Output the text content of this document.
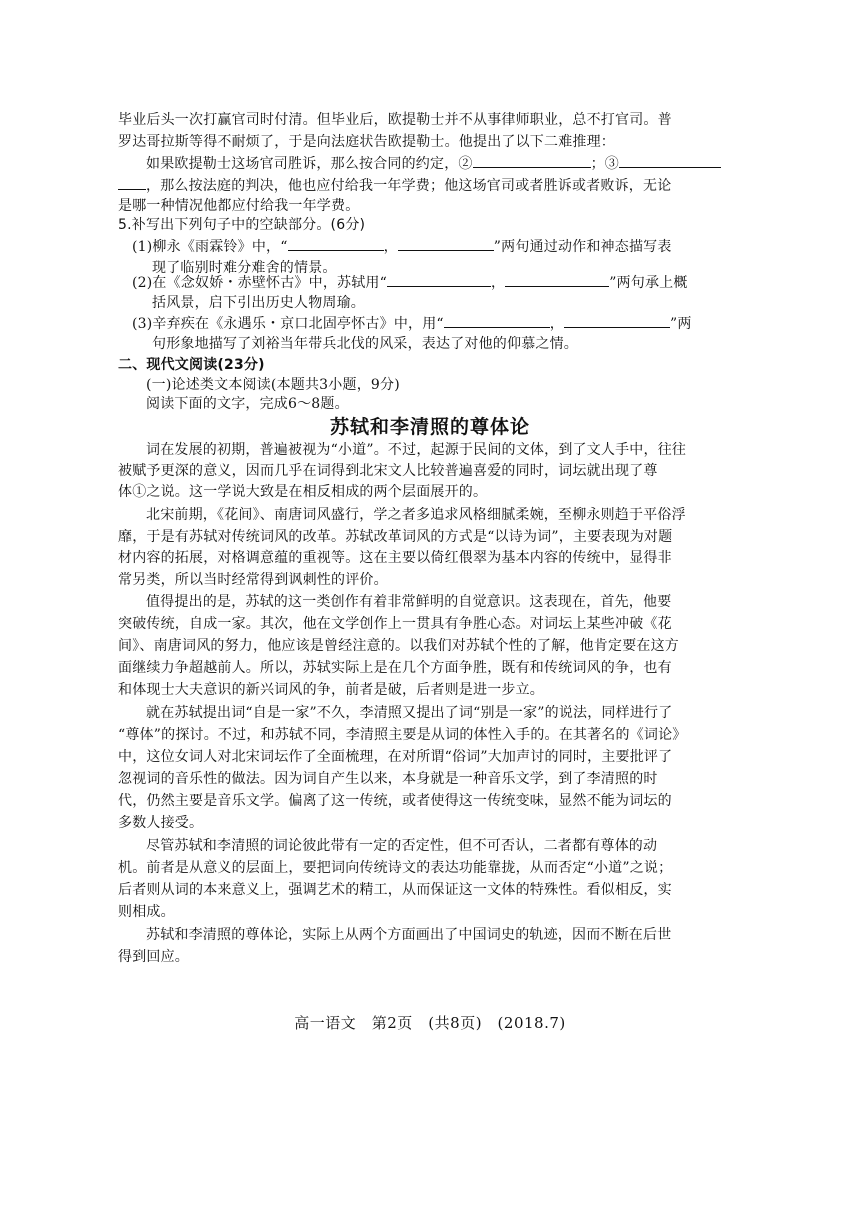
毕业后头一次打赢官司时付清。但毕业后，欧提勒士并不从事律师职业，总不打官司。普
罗达哥拉斯等得不耐烦了，于是向法庭状告欧提勒士。他提出了以下二难推理：
如果欧提勒士这场官司胜诉，那么按合同的约定，②	；③
，那么按法庭的判决，他也应付给我一年学费；他这场官司或者胜诉或者败诉，无论
是哪一种情况他都应付给我一年学费。
5.补写出下列句子中的空缺部分。(6分)
(1)柳永《雨霖铃》中，“	，	”两句通过动作和神态描写表
现了临别时难分难舍的情景。
(2)在《念奴娇・赤壁怀古》中，苏轼用“	，	”两句承上概
括风景，启下引出历史人物周瑜。
(3)辛弃疾在《永遇乐・京口北固亭怀古》中，用“	，	”两
句形象地描写了刘裕当年带兵北伐的风采，表达了对他的仰慕之情。
二、现代文阅读(23分)
(一)论述类文本阅读(本题共3小题，9分)
阅读下面的文字，完成6～8题。
苏轼和李清照的尊体论
词在发展的初期，普遍被视为“小道”。不过，起源于民间的文体，到了文人手中，往往
被赋予更深的意义，因而几乎在词得到北宋文人比较普遍喜爱的同时，词坛就出现了尊
体①之说。这一学说大致是在相反相成的两个层面展开的。
北宋前期，《花间》、南唐词风盛行，学之者多追求风格细腻柔婉，至柳永则趋于平俗浮
靡，于是有苏轼对传统词风的改革。苏轼改革词风的方式是“以诗为词”，主要表现为对题
材内容的拓展，对格调意蕴的重视等。这在主要以倚红偎翠为基本内容的传统中，显得非
常另类，所以当时经常得到讽刺性的评价。
值得提出的是，苏轼的这一类创作有着非常鲜明的自觉意识。这表现在，首先，他要
突破传统，自成一家。其次，他在文学创作上一贯具有争胜心态。对词坛上某些冲破《花
间》、南唐词风的努力，他应该是曾经注意的。以我们对苏轼个性的了解，他肯定要在这方
面继续力争超越前人。所以，苏轼实际上是在几个方面争胜，既有和传统词风的争，也有
和体现士大夫意识的新兴词风的争，前者是破，后者则是进一步立。
就在苏轼提出词“自是一家”不久，李清照又提出了词“别是一家”的说法，同样进行了
“尊体”的探讨。不过，和苏轼不同，李清照主要是从词的体性入手的。在其著名的《词论》
中，这位女词人对北宋词坛作了全面梳理，在对所谓“俗词”大加声讨的同时，主要批评了
忽视词的音乐性的做法。因为词自产生以来，本身就是一种音乐文学，到了李清照的时
代，仍然主要是音乐文学。偏离了这一传统，或者使得这一传统变味，显然不能为词坛的
多数人接受。
尽管苏轼和李清照的词论彼此带有一定的否定性，但不可否认，二者都有尊体的动
机。前者是从意义的层面上，要把词向传统诗文的表达功能靠拢，从而否定“小道”之说；
后者则从词的本来意义上，强调艺术的精工，从而保证这一文体的特殊性。看似相反，实
则相成。
苏轼和李清照的尊体论，实际上从两个方面画出了中国词史的轨迹，因而不断在后世
得到回应。
高一语文　第2页　(共8页)　(2018.7)
